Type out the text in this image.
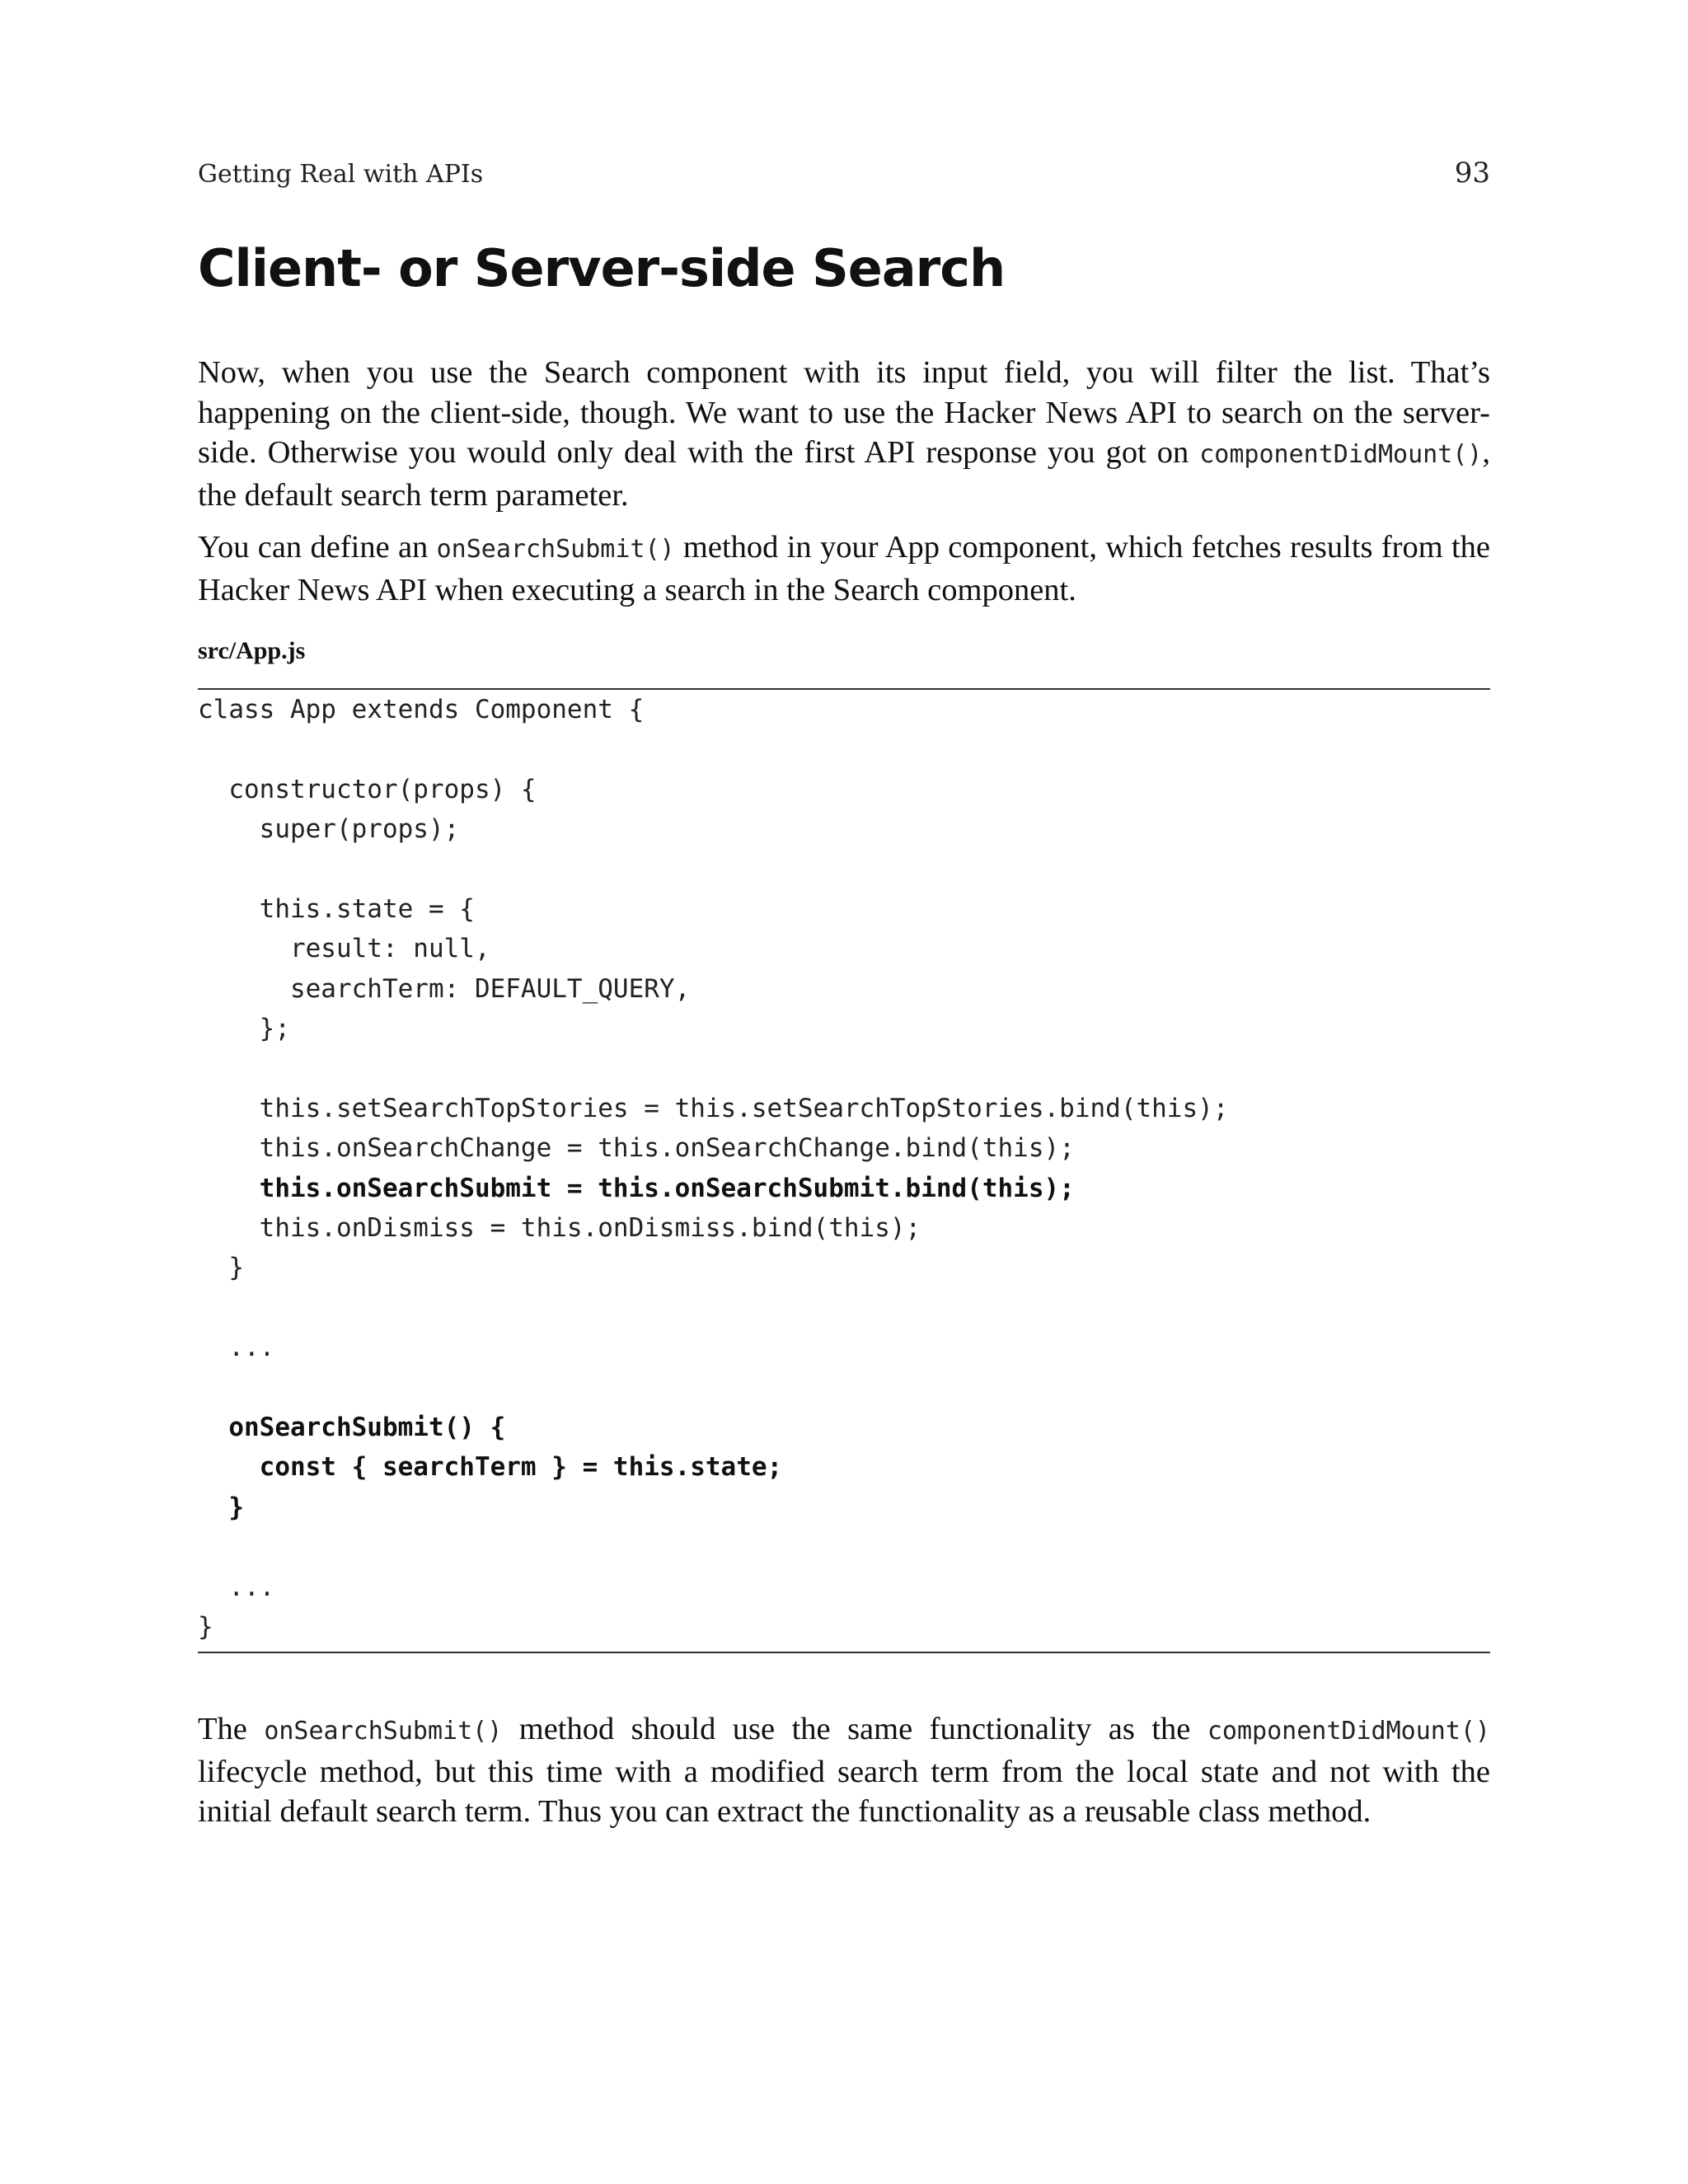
Getting Real with APIs	93
Client- or Server-side Search

Now, when you use the Search component with its input field, you will filter the list. That’s happening on the client-side, though. We want to use the Hacker News API to search on the server-side. Otherwise you would only deal with the first API response you got on componentDidMount(), the default search term parameter.

You can define an onSearchSubmit() method in your App component, which fetches results from the Hacker News API when executing a search in the Search component.

src/App.js
class App extends Component {
constructor(props) {
super(props);
this.state = {
result: null,
searchTerm: DEFAULT_QUERY,
};
this.setSearchTopStories = this.setSearchTopStories.bind(this);
this.onSearchChange = this.onSearchChange.bind(this);
this.onSearchSubmit = this.onSearchSubmit.bind(this);
this.onDismiss = this.onDismiss.bind(this);
}
...
onSearchSubmit() {
const { searchTerm } = this.state;
}
...
}

The onSearchSubmit() method should use the same functionality as the componentDidMount() lifecycle method, but this time with a modified search term from the local state and not with the initial default search term. Thus you can extract the functionality as a reusable class method.
